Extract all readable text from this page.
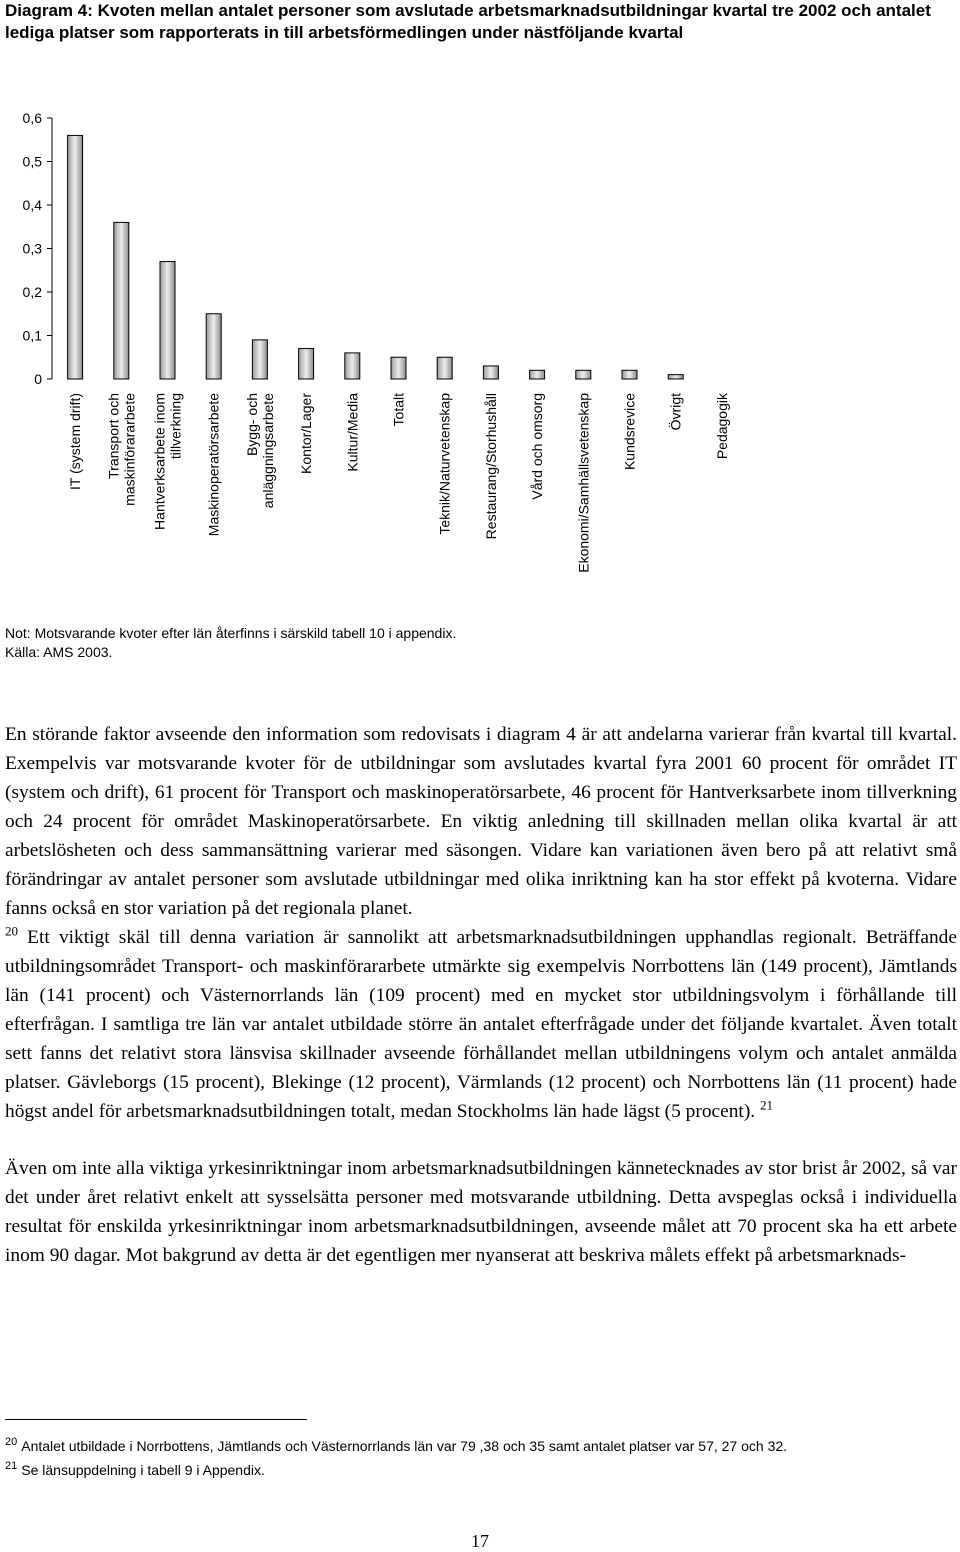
Diagram 4: Kvoten mellan antalet personer som avslutade arbetsmarknadsutbildningar kvartal tre 2002 och antalet lediga platser som rapporterats in till arbetsförmedlingen under nästföljande kvartal
0
0,1
0,2
0,3
0,4
0,5
0,6
IT (system drift) Transport ochmaskinförararbete Hantverksarbete inomtillverkning Maskinoperatörsarbete Bygg- ochanläggningsarbete Kontor/Lager Kultur/Media Totalt Teknik/Naturvetenskap Restaurang/Storhushåll Vård och omsorg Ekonomi/Samhällsvetenskap Kundsrevice Övrigt Pedagogik
Not: Motsvarande kvoter efter län återfinns i särskild tabell 10 i appendix.
Källa: AMS 2003.

En störande faktor avseende den information som redovisats i diagram 4 är att andelarna varierar från kvartal till kvartal. Exempelvis var motsvarande kvoter för de utbildningar som avslutades kvartal fyra 2001 60 procent för området IT (system och drift), 61 procent för Transport och maskinoperatörsarbete, 46 procent för Hantverksarbete inom tillverkning och 24 procent för området Maskinoperatörsarbete. En viktig anledning till skillnaden mellan olika kvartal är att arbetslösheten och dess sammansättning varierar med säsongen. Vidare kan variationen även bero på att relativt små förändringar av antalet personer som avslutade utbildningar med olika inriktning kan ha stor effekt på kvoterna. Vidare fanns också en stor variation på det regionala planet.
$^{20}$ Ett viktigt skäl till denna variation är sannolikt att arbetsmarknadsutbildningen upphandlas regionalt. Beträffande utbildningsområdet Transport- och maskinförararbete utmärkte sig exempelvis Norrbottens län (149 procent), Jämtlands län (141 procent) och Västernorrlands län (109 procent) med en mycket stor utbildningsvolym i förhållande till efterfrågan. I samtliga tre län var antalet utbildade större än antalet efterfrågade under det följande kvartalet. Även totalt sett fanns det relativt stora länsvisa skillnader avseende förhållandet mellan utbildningens volym och antalet anmälda platser. Gävleborgs (15 procent), Blekinge (12 procent), Värmlands (12 procent) och Norrbottens län (11 procent) hade högst andel för arbetsmarknadsutbildningen totalt, medan Stockholms län hade lägst (5 procent). $^{21}$

Även om inte alla viktiga yrkesinriktningar inom arbetsmarknadsutbildningen kännetecknades av stor brist år 2002, så var det under året relativt enkelt att sysselsätta personer med motsvarande utbildning. Detta avspeglas också i individuella resultat för enskilda yrkesinriktningar inom arbetsmarknadsutbildningen, avseende målet att 70 procent ska ha ett arbete inom 90 dagar. Mot bakgrund av detta är det egentligen mer nyanserat att beskriva målets effekt på arbetsmarknads-

$^{20}$ Antalet utbildade i Norrbottens, Jämtlands och Västernorrlands län var 79 ,38 och 35 samt antalet platser var 57, 27 och 32.
$^{21}$ Se länsuppdelning i tabell 9 i Appendix.
17
